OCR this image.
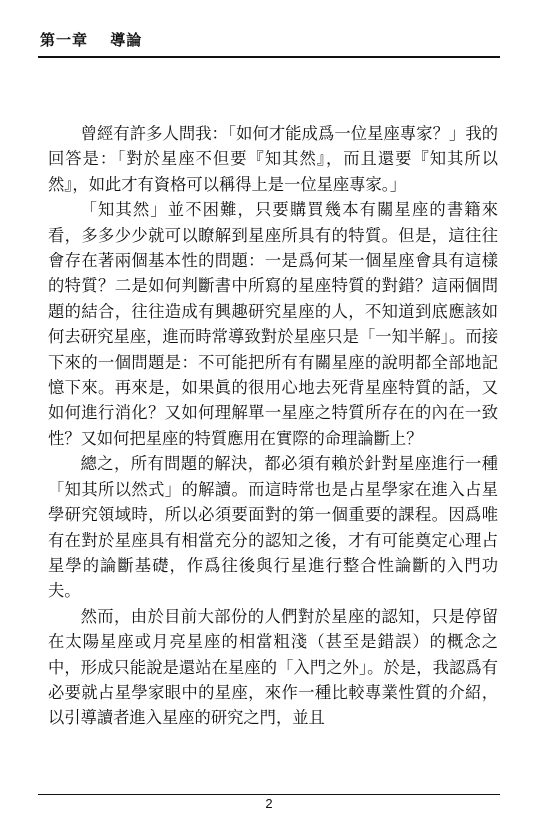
第一章 導論

曾經有許多人問我：「如何才能成爲一位星座專家？」我的回答是：「對於星座不但要『知其然』，而且還要『知其所以然』，如此才有資格可以稱得上是一位星座專家。」

「知其然」並不困難，只要購買幾本有關星座的書籍來看，多多少少就可以瞭解到星座所具有的特質。但是，這往往會存在著兩個基本性的問題：一是爲何某一個星座會具有這樣的特質？二是如何判斷書中所寫的星座特質的對錯？這兩個問題的結合，往往造成有興趣研究星座的人，不知道到底應該如何去研究星座，進而時常導致對於星座只是「一知半解」。而接下來的一個問題是：不可能把所有有關星座的說明都全部地記憶下來。再來是，如果眞的很用心地去死背星座特質的話，又如何進行消化？又如何理解單一星座之特質所存在的內在一致性？又如何把星座的特質應用在實際的命理論斷上？

總之，所有問題的解決，都必須有賴於針對星座進行一種「知其所以然式」的解讀。而這時常也是占星學家在進入占星學研究領域時，所以必須要面對的第一個重要的課程。因爲唯有在對於星座具有相當充分的認知之後，才有可能奠定心理占星學的論斷基礎，作爲往後與行星進行整合性論斷的入門功夫。

然而，由於目前大部份的人們對於星座的認知，只是停留在太陽星座或月亮星座的相當粗淺（甚至是錯誤）的概念之中，形成只能說是還站在星座的「入門之外」。於是，我認爲有必要就占星學家眼中的星座，來作一種比較專業性質的介紹，以引導讀者進入星座的研究之門，並且

2
